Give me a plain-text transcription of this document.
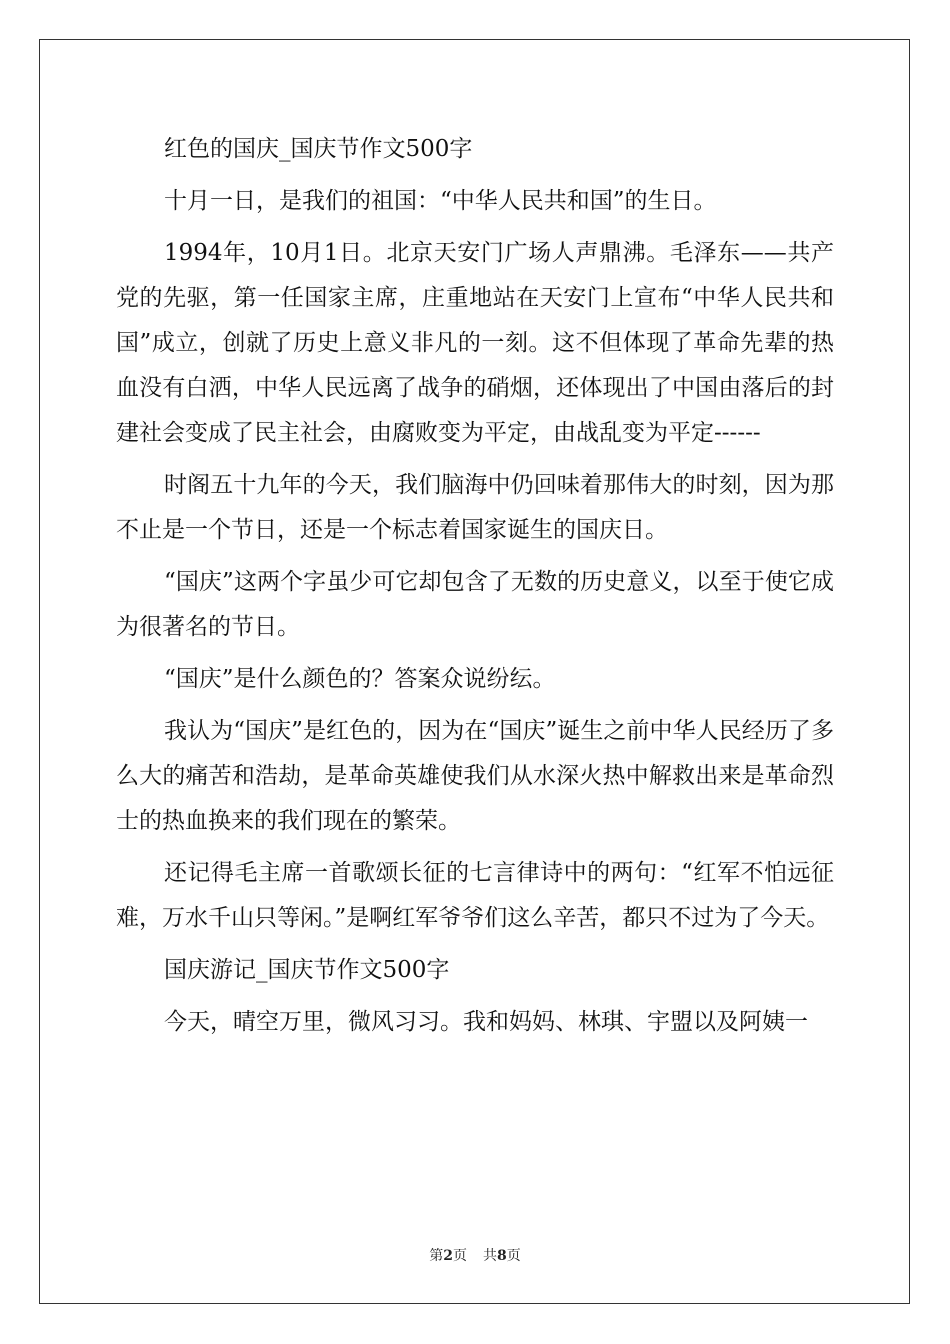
红色的国庆_国庆节作文500字

十月一日，是我们的祖国：“中华人民共和国”的生日。

1994年，10月1日。北京天安门广场人声鼎沸。毛泽东——共产党的先驱，第一任国家主席，庄重地站在天安门上宣布“中华人民共和国”成立，创就了历史上意义非凡的一刻。这不但体现了革命先辈的热血没有白洒，中华人民远离了战争的硝烟，还体现出了中国由落后的封建社会变成了民主社会，由腐败变为平定，由战乱变为平定------

时阁五十九年的今天，我们脑海中仍回味着那伟大的时刻，因为那不止是一个节日，还是一个标志着国家诞生的国庆日。

“国庆”这两个字虽少可它却包含了无数的历史意义，以至于使它成为很著名的节日。

“国庆”是什么颜色的？答案众说纷纭。

我认为“国庆”是红色的，因为在“国庆”诞生之前中华人民经历了多么大的痛苦和浩劫，是革命英雄使我们从水深火热中解救出来是革命烈士的热血换来的我们现在的繁荣。

还记得毛主席一首歌颂长征的七言律诗中的两句：“红军不怕远征难，万水千山只等闲。”是啊红军爷爷们这么辛苦，都只不过为了今天。

国庆游记_国庆节作文500字

今天，晴空万里，微风习习。我和妈妈、林琪、宇盟以及阿姨一

第2页 共8页
